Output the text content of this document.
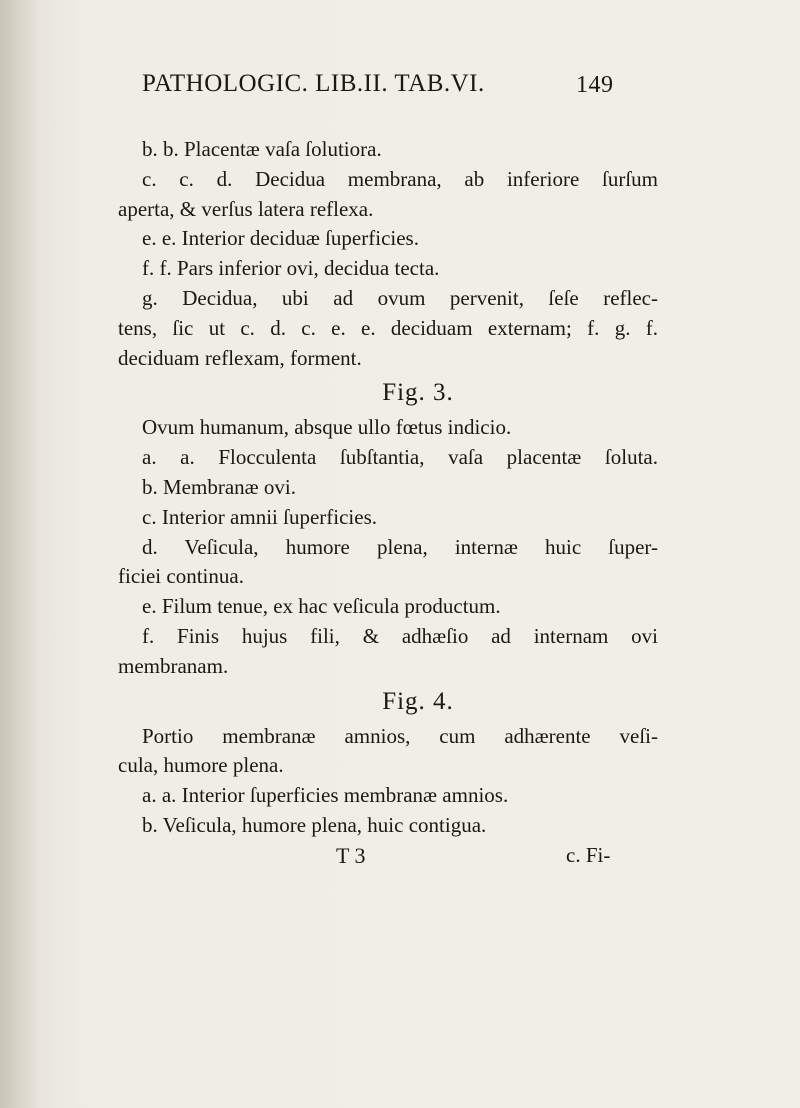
PATHOLOGIC. LIB.II. TAB.VI.	149
b. b. Placentæ vaſa ſolutiora.
c. c. d. Decidua membrana, ab inferiore ſurſum
aperta, & verſus latera reflexa.
e. e. Interior deciduæ ſuperficies.
f. f. Pars inferior ovi, decidua tecta.
g. Decidua, ubi ad ovum pervenit, ſeſe reflec-
tens, ſic ut c. d. c. e. e. deciduam externam; f. g. f.
deciduam reflexam, forment.
Fig. 3.
Ovum humanum, absque ullo fœtus indicio.
a. a. Flocculenta ſubſtantia, vaſa placentæ ſoluta.
b. Membranæ ovi.
c. Interior amnii ſuperficies.
d. Veſicula, humore plena, internæ huic ſuper-
ficiei continua.
e. Filum tenue, ex hac veſicula productum.
f. Finis hujus fili, & adhæſio ad internam ovi
membranam.
Fig. 4.
Portio membranæ amnios, cum adhærente veſi-
cula, humore plena.
a. a. Interior ſuperficies membranæ amnios.
b. Veſicula, humore plena, huic contigua.
T 3	c. Fi-
